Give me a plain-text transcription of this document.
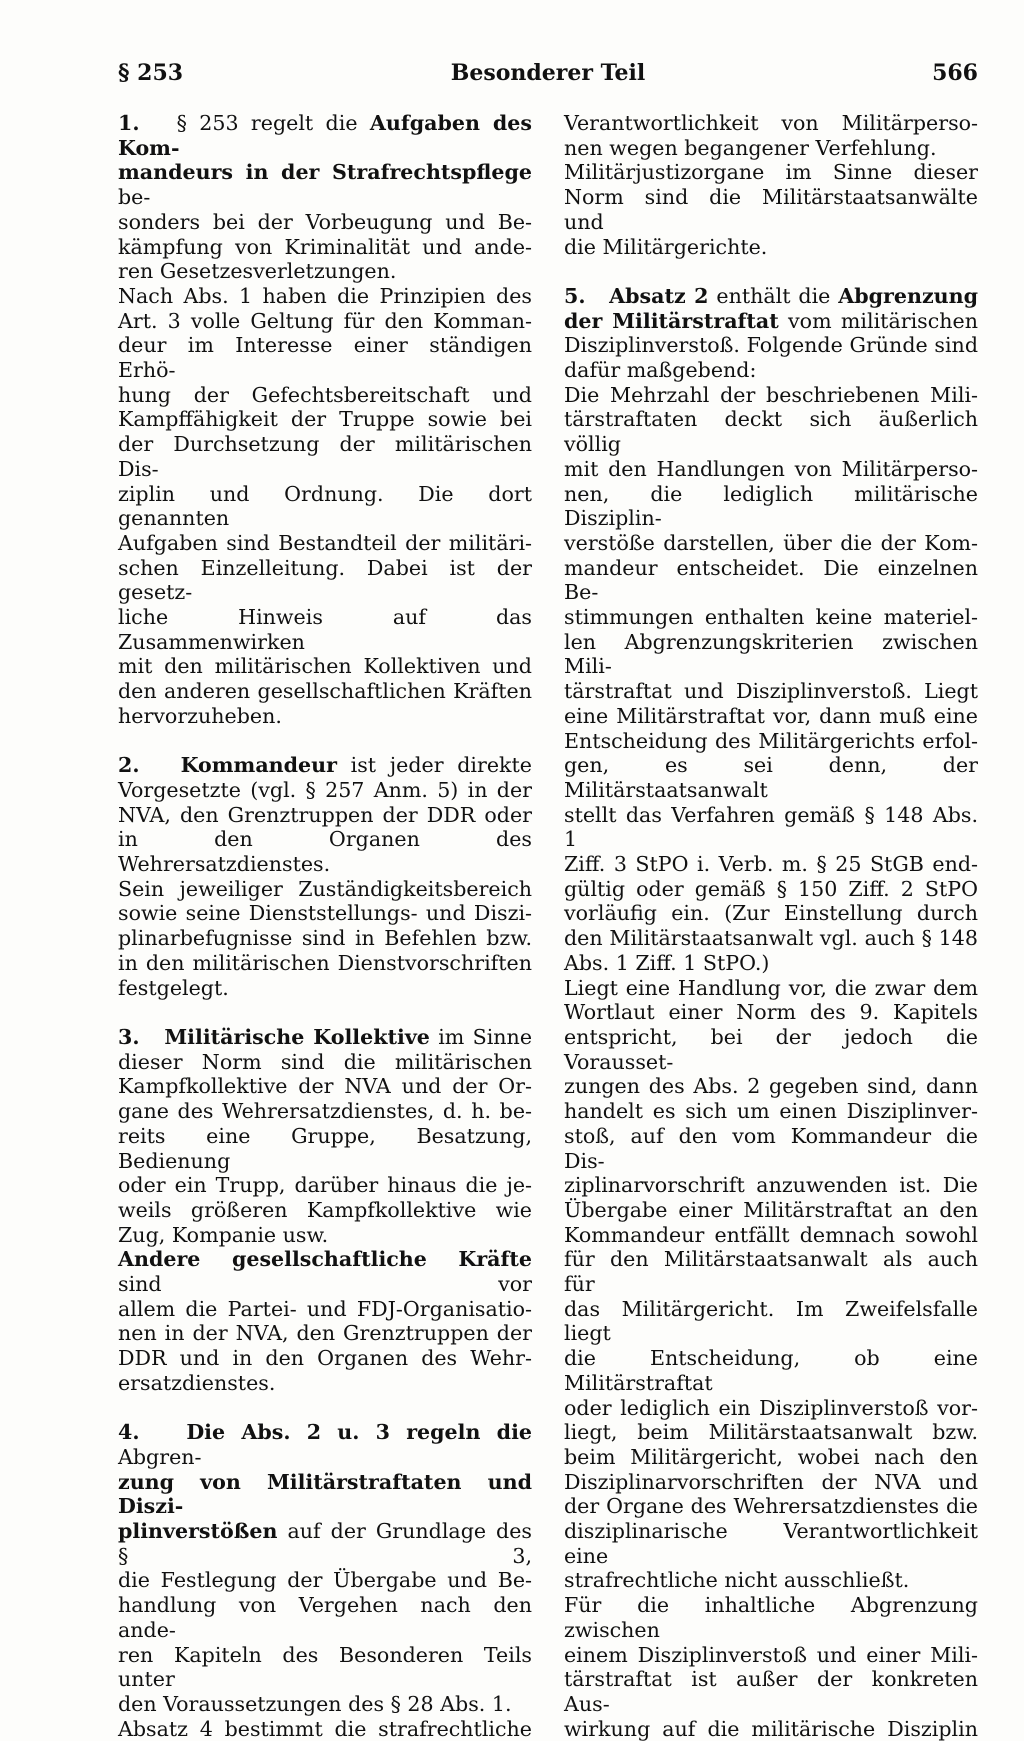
§ 253	Besonderer Teil	566

1. § 253 regelt die Aufgaben des Kom-

mandeurs in der Strafrechtspflege be-

sonders bei der Vorbeugung und Be-

kämpfung von Kriminalität und ande-

ren Gesetzesverletzungen.

Nach Abs. 1 haben die Prinzipien des

Art. 3 volle Geltung für den Komman-

deur im Interesse einer ständigen Erhö-

hung der Gefechtsbereitschaft und

Kampffähigkeit der Truppe sowie bei

der Durchsetzung der militärischen Dis-

ziplin und Ordnung. Die dort genannten

Aufgaben sind Bestandteil der militäri-

schen Einzelleitung. Dabei ist der gesetz-

liche Hinweis auf das Zusammenwirken

mit den militärischen Kollektiven und

den anderen gesellschaftlichen Kräften

hervorzuheben.

2. Kommandeur ist jeder direkte

Vorgesetzte (vgl. § 257 Anm. 5) in der

NVA, den Grenztruppen der DDR oder

in den Organen des Wehrersatzdienstes.

Sein jeweiliger Zuständigkeitsbereich

sowie seine Dienststellungs- und Diszi-

plinarbefugnisse sind in Befehlen bzw.

in den militärischen Dienstvorschriften

festgelegt.

3. Militärische Kollektive im Sinne

dieser Norm sind die militärischen

Kampfkollektive der NVA und der Or-

gane des Wehrersatzdienstes, d. h. be-

reits eine Gruppe, Besatzung, Bedienung

oder ein Trupp, darüber hinaus die je-

weils größeren Kampfkollektive wie

Zug, Kompanie usw.

Andere gesellschaftliche Kräfte sind vor

allem die Partei- und FDJ-Organisatio-

nen in der NVA, den Grenztruppen der

DDR und in den Organen des Wehr-

ersatzdienstes.

4. Die Abs. 2 u. 3 regeln die Abgren-

zung von Militärstraftaten und Diszi-

plinverstößen auf der Grundlage des § 3,

die Festlegung der Übergabe und Be-

handlung von Vergehen nach den ande-

ren Kapiteln des Besonderen Teils unter

den Voraussetzungen des § 28 Abs. 1.

Absatz 4 bestimmt die strafrechtliche

Verantwortlichkeit von Militärperso-

nen wegen begangener Verfehlung.

Militärjustizorgane im Sinne dieser

Norm sind die Militärstaatsanwälte und

die Militärgerichte.

5. Absatz 2 enthält die Abgrenzung

der Militärstraftat vom militärischen

Disziplinverstoß. Folgende Gründe sind

dafür maßgebend:

Die Mehrzahl der beschriebenen Mili-

tärstraftaten deckt sich äußerlich völlig

mit den Handlungen von Militärperso-

nen, die lediglich militärische Disziplin-

verstöße darstellen, über die der Kom-

mandeur entscheidet. Die einzelnen Be-

stimmungen enthalten keine materiel-

len Abgrenzungskriterien zwischen Mili-

tärstraftat und Disziplinverstoß. Liegt

eine Militärstraftat vor, dann muß eine

Entscheidung des Militärgerichts erfol-

gen, es sei denn, der Militärstaatsanwalt

stellt das Verfahren gemäß § 148 Abs. 1

Ziff. 3 StPO i. Verb. m. § 25 StGB end-

gültig oder gemäß § 150 Ziff. 2 StPO

vorläufig ein. (Zur Einstellung durch

den Militärstaatsanwalt vgl. auch § 148

Abs. 1 Ziff. 1 StPO.)

Liegt eine Handlung vor, die zwar dem

Wortlaut einer Norm des 9. Kapitels

entspricht, bei der jedoch die Vorausset-

zungen des Abs. 2 gegeben sind, dann

handelt es sich um einen Disziplinver-

stoß, auf den vom Kommandeur die Dis-

ziplinarvorschrift anzuwenden ist. Die

Übergabe einer Militärstraftat an den

Kommandeur entfällt demnach sowohl

für den Militärstaatsanwalt als auch für

das Militärgericht. Im Zweifelsfalle liegt

die Entscheidung, ob eine Militärstraftat

oder lediglich ein Disziplinverstoß vor-

liegt, beim Militärstaatsanwalt bzw.

beim Militärgericht, wobei nach den

Disziplinarvorschriften der NVA und

der Organe des Wehrersatzdienstes die

disziplinarische Verantwortlichkeit eine

strafrechtliche nicht ausschließt.

Für die inhaltliche Abgrenzung zwischen

einem Disziplinverstoß und einer Mili-

tärstraftat ist außer der konkreten Aus-

wirkung auf die militärische Disziplin
